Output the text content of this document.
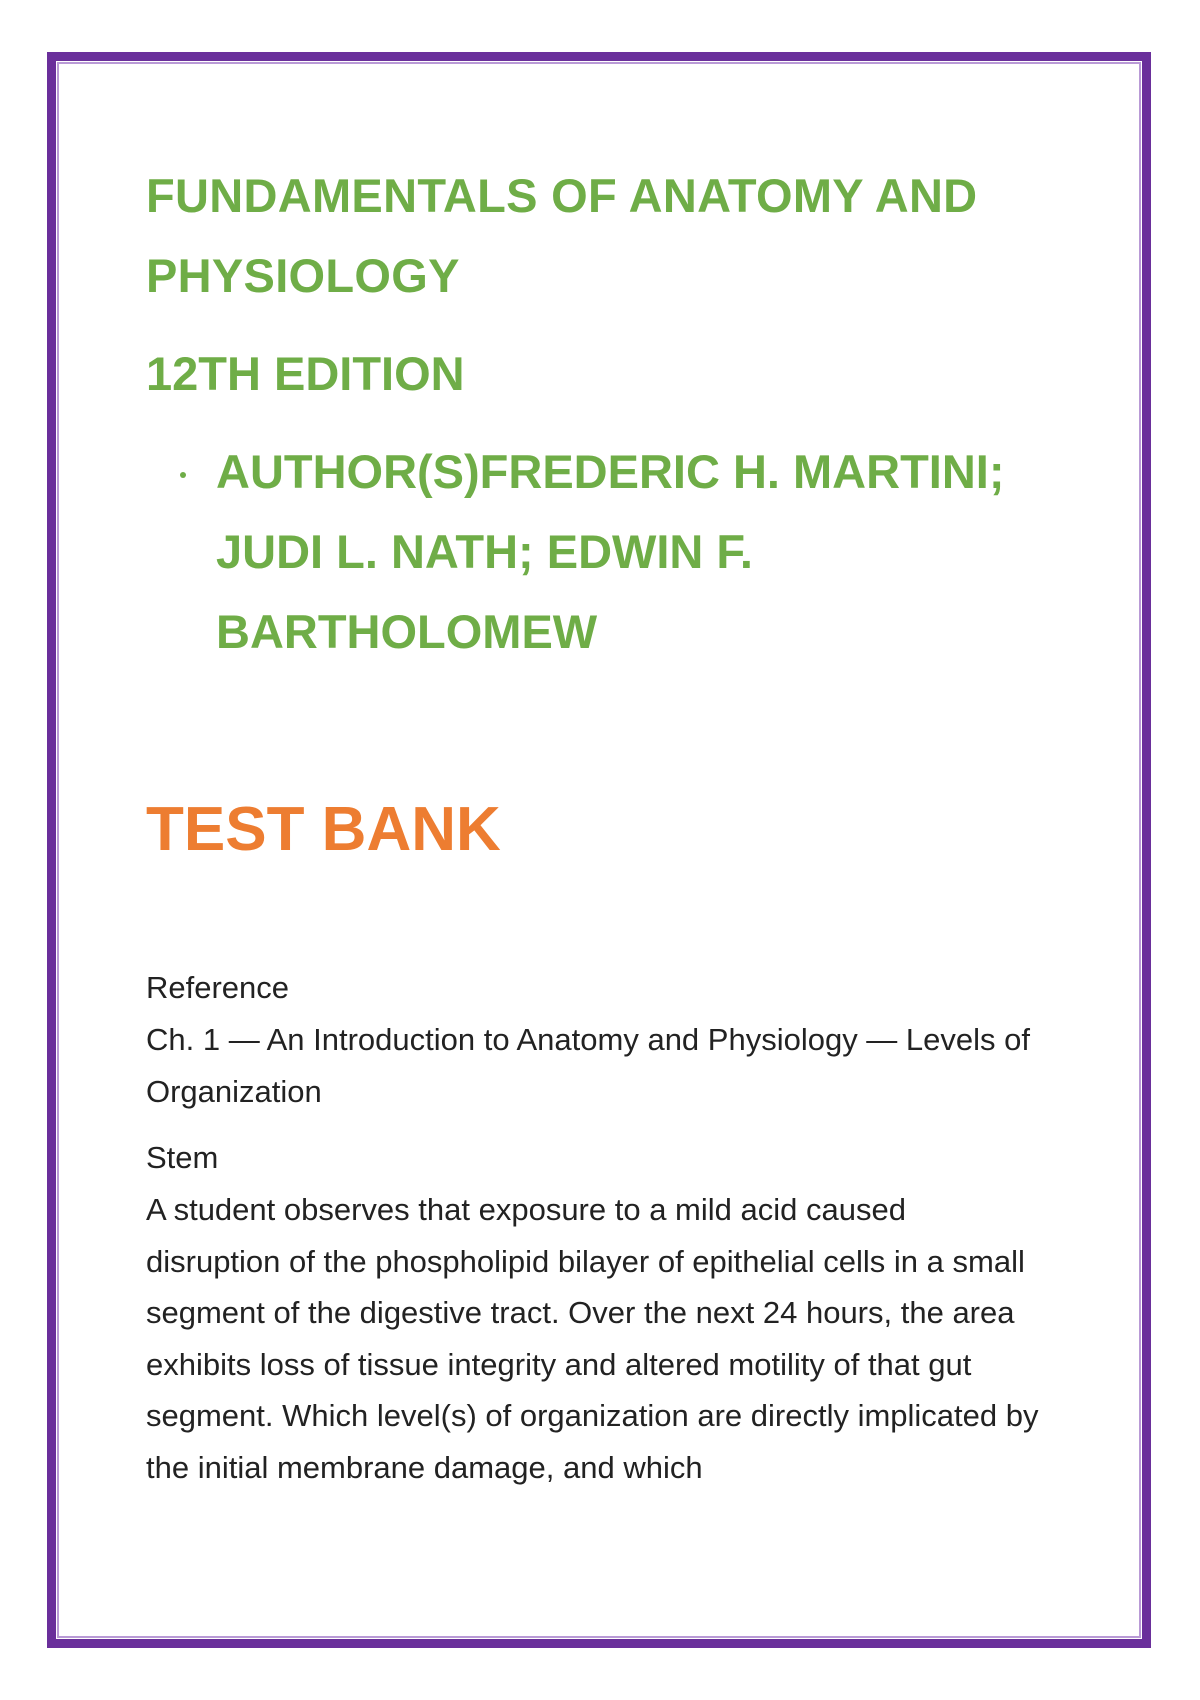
FUNDAMENTALS OF ANATOMY AND PHYSIOLOGY
12TH EDITION
AUTHOR(S)FREDERIC H. MARTINI; JUDI L. NATH; EDWIN F. BARTHOLOMEW
TEST BANK

Reference

Ch. 1 — An Introduction to Anatomy and Physiology — Levels of Organization

Stem

A student observes that exposure to a mild acid caused disruption of the phospholipid bilayer of epithelial cells in a small segment of the digestive tract. Over the next 24 hours, the area exhibits loss of tissue integrity and altered motility of that gut segment. Which level(s) of organization are directly implicated by the initial membrane damage, and which
